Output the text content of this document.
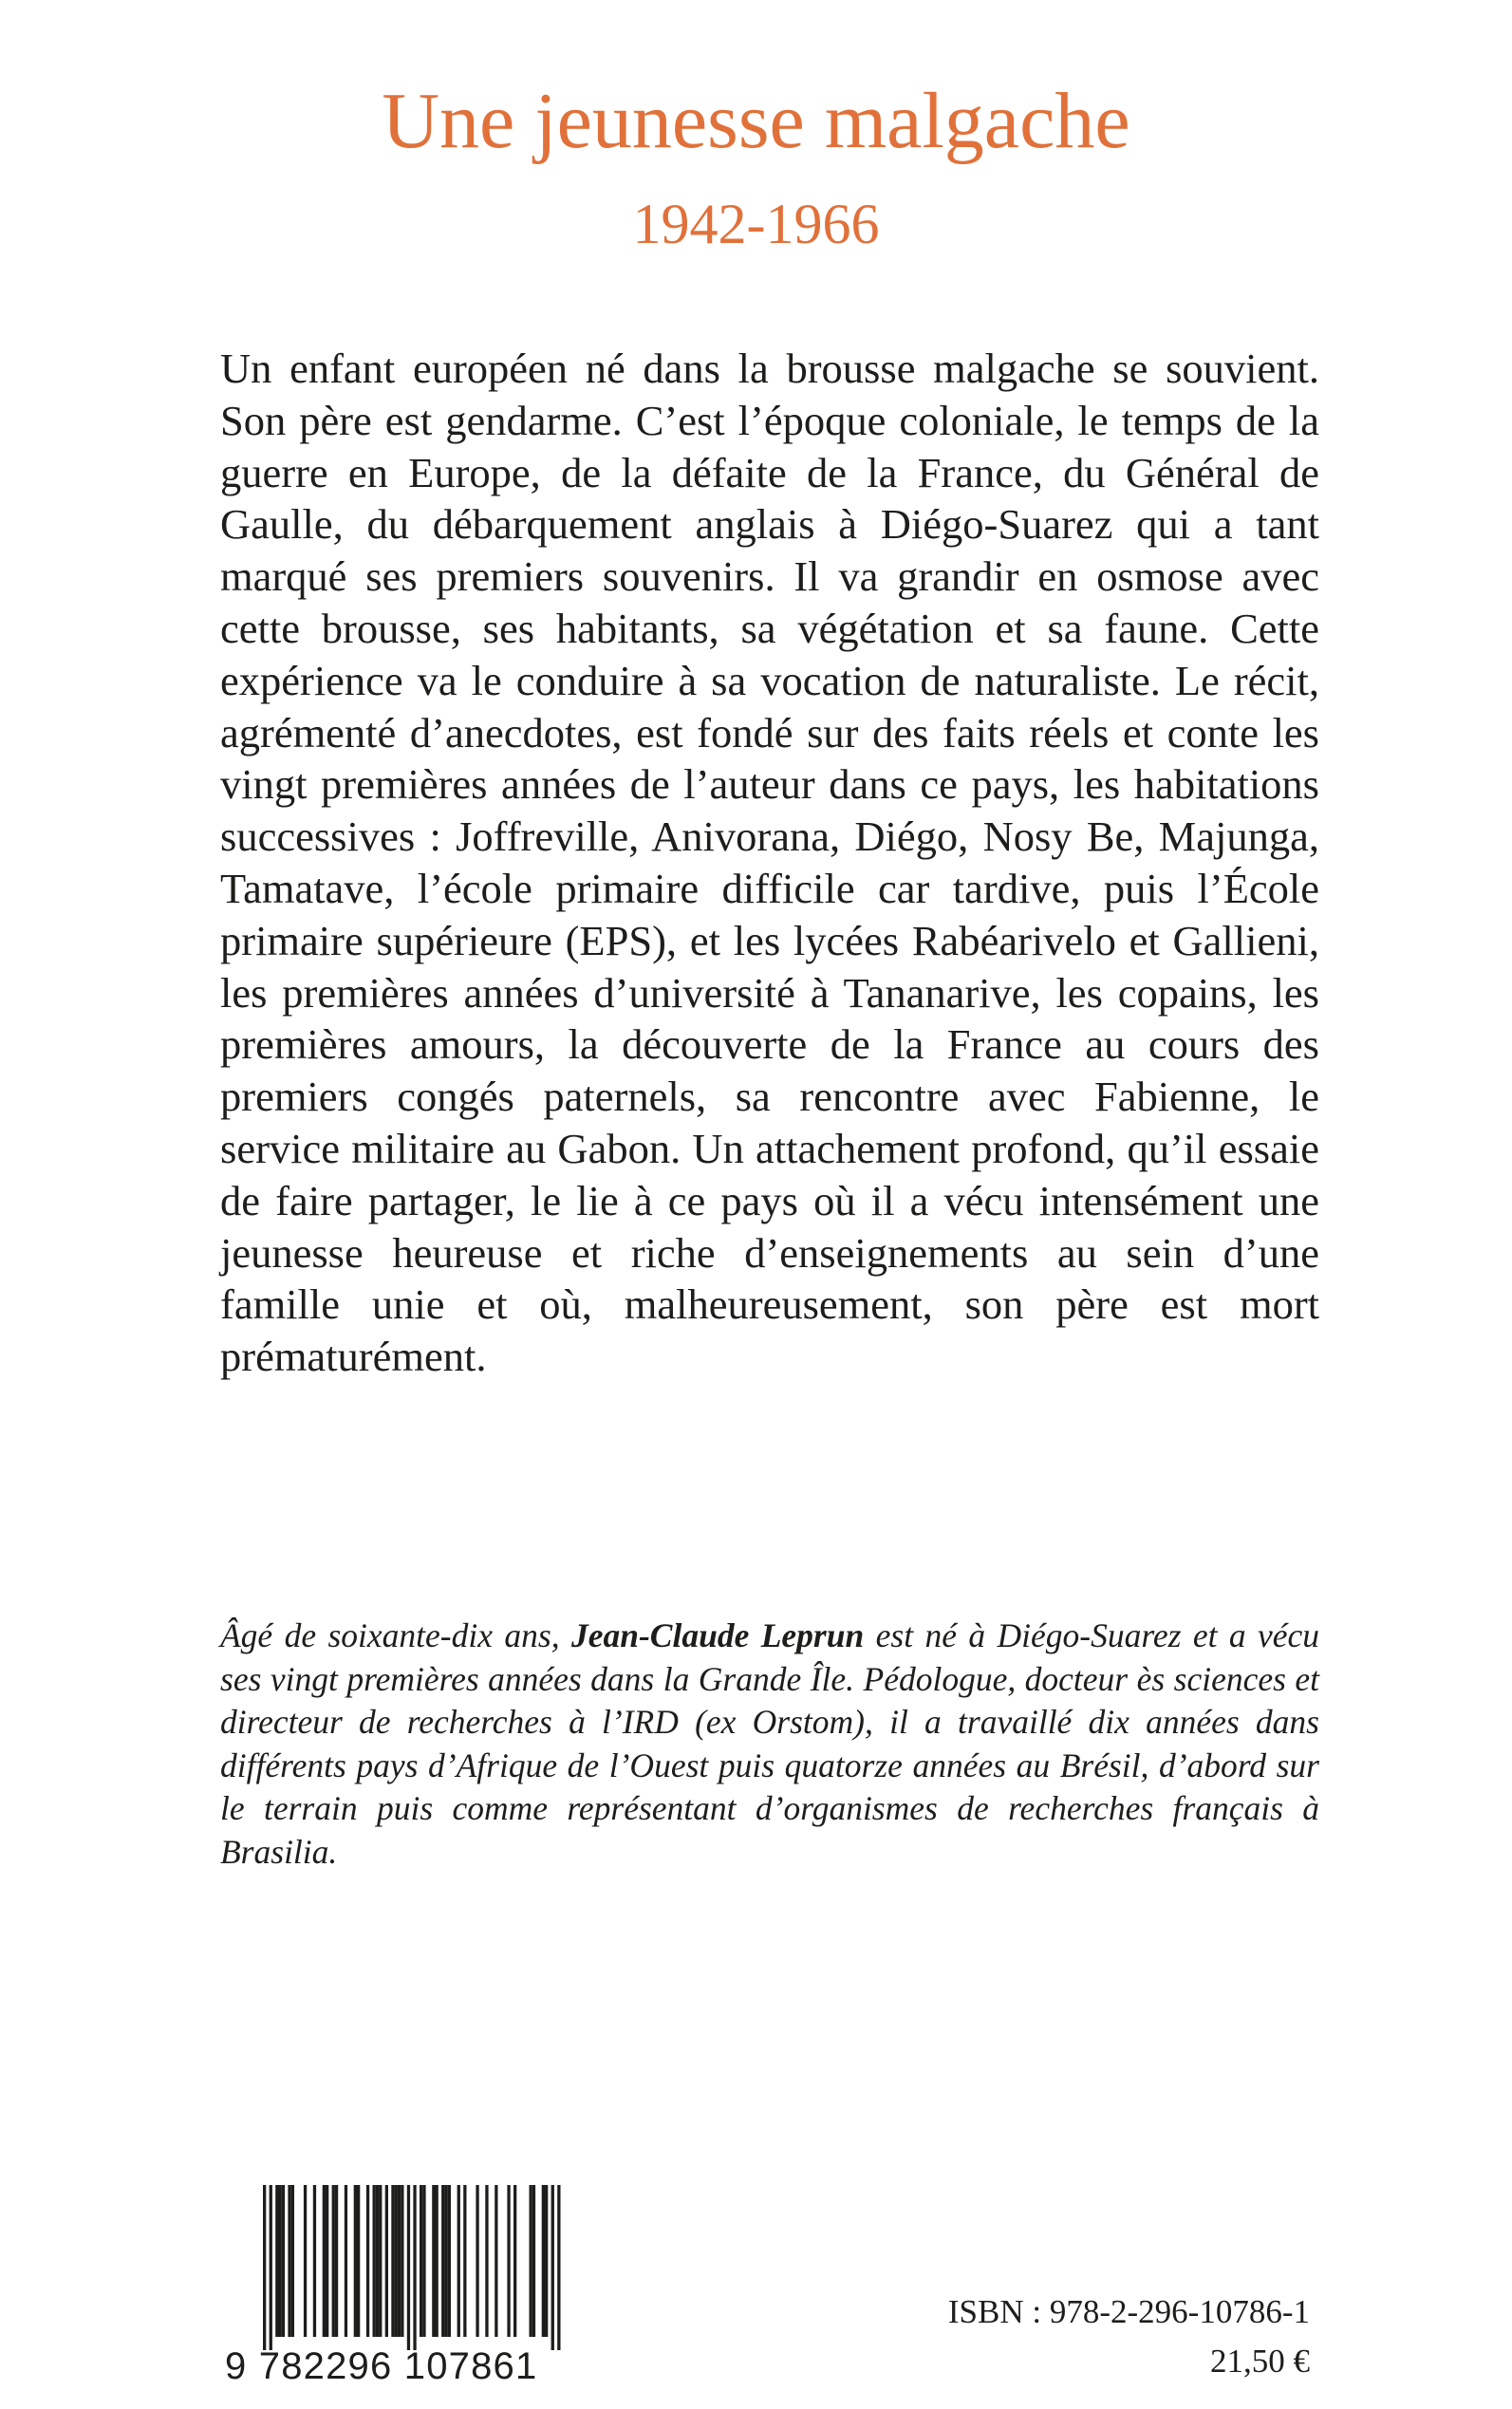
Une jeunesse malgache
1942-1966

Un enfant européen né dans la brousse malgache se souvient. Son père est gendarme. C’est l’époque coloniale, le temps de la guerre en Europe, de la défaite de la France, du Général de Gaulle, du débarquement anglais à Diégo-Suarez qui a tant marqué ses premiers souvenirs. Il va grandir en osmose avec cette brousse, ses habitants, sa végétation et sa faune. Cette expérience va le conduire à sa vocation de naturaliste. Le récit, agrémenté d’anecdotes, est fondé sur des faits réels et conte les vingt premières années de l’auteur dans ce pays, les habitations successives : Joffreville, Anivorana, Diégo, Nosy Be, Majunga, Tamatave, l’école primaire difficile car tardive, puis l’École primaire supérieure (EPS), et les lycées Rabéarivelo et Gallieni, les premières années d’université à Tananarive, les copains, les premières amours, la découverte de la France au cours des premiers congés paternels, sa rencontre avec Fabienne, le service militaire au Gabon. Un attachement profond, qu’il essaie de faire partager, le lie à ce pays où il a vécu intensément une jeunesse heureuse et riche d’enseignements au sein d’une famille unie et où, malheureusement, son père est mort prématurément.

Âgé de soixante-dix ans, Jean-Claude Leprun est né à Diégo-Suarez et a vécu ses vingt premières années dans la Grande Île. Pédologue, docteur ès sciences et directeur de recherches à l’IRD (ex Orstom), il a travaillé dix années dans différents pays d’Afrique de l’Ouest puis quatorze années au Brésil, d’abord sur le terrain puis comme représentant d’organismes de recherches français à Brasilia.

9 782296 107861
ISBN : 978-2-296-10786-1
21,50 €
